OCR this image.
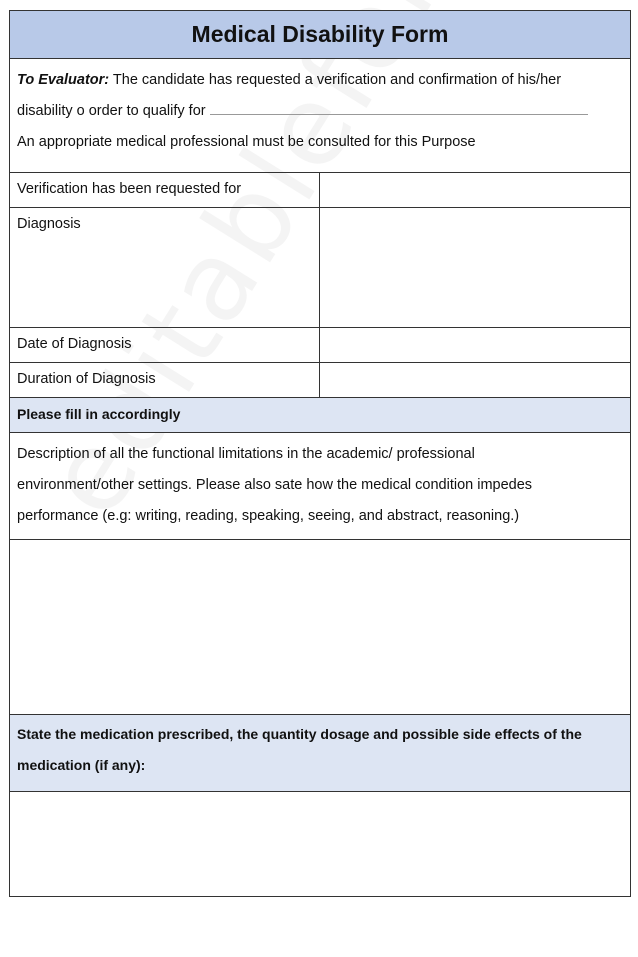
Medical Disability Form

To Evaluator: The candidate has requested a verification and confirmation of his/her

disability o order to qualify for

An appropriate medical professional must be consulted for this Purpose

Verification has been requested for
Diagnosis
Date of Diagnosis
Duration of Diagnosis
Please fill in accordingly

Description of all the functional limitations in the academic/ professional

environment/other settings. Please also sate how the medical condition impedes

performance (e.g: writing, reading, speaking, seeing, and abstract, reasoning.)

State the medication prescribed, the quantity dosage and possible side effects of the

medication (if any):
